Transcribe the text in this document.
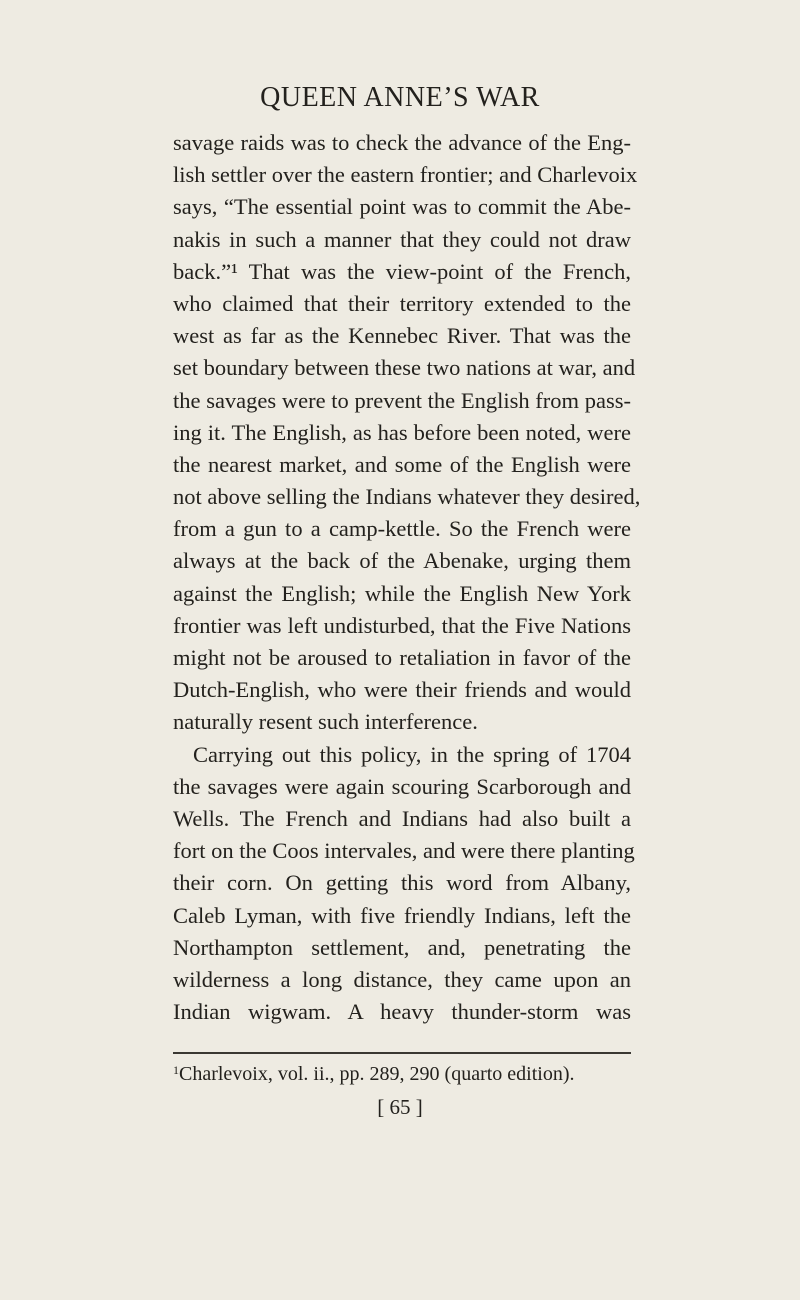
QUEEN ANNE’S WAR
savage raids was to check the advance of the Eng-
lish settler over the eastern frontier; and Charlevoix
says, “The essential point was to commit the Abe-
nakis in such a manner that they could not draw
back.”¹ That was the view-point of the French,
who claimed that their territory extended to the
west as far as the Kennebec River. That was the
set boundary between these two nations at war, and
the savages were to prevent the English from pass-
ing it. The English, as has before been noted, were
the nearest market, and some of the English were
not above selling the Indians whatever they desired,
from a gun to a camp-kettle. So the French were
always at the back of the Abenake, urging them
against the English; while the English New York
frontier was left undisturbed, that the Five Nations
might not be aroused to retaliation in favor of the
Dutch-English, who were their friends and would
naturally resent such interference.
Carrying out this policy, in the spring of 1704
the savages were again scouring Scarborough and
Wells. The French and Indians had also built a
fort on the Coos intervales, and were there planting
their corn. On getting this word from Albany,
Caleb Lyman, with five friendly Indians, left the
Northampton settlement, and, penetrating the
wilderness a long distance, they came upon an
Indian wigwam. A heavy thunder-storm was
$^1$Charlevoix, vol. ii., pp. 289, 290 (quarto edition).
[ 65 ]
